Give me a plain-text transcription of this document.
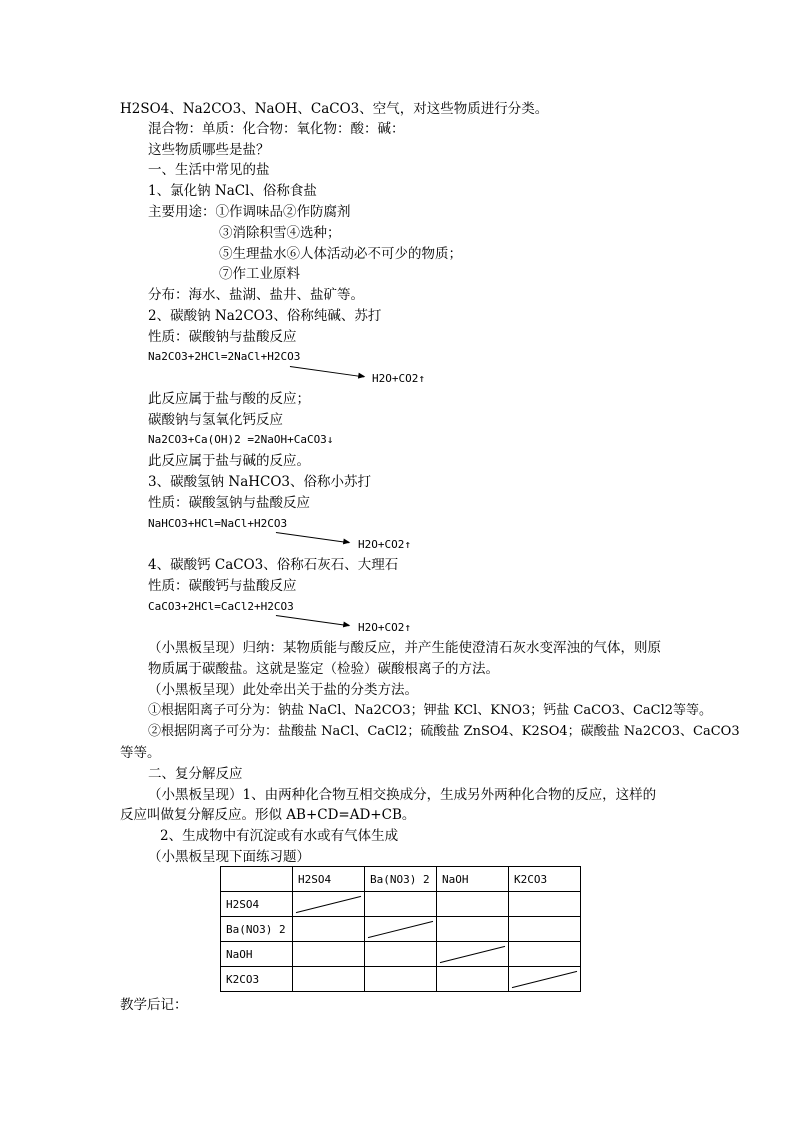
H2SO4、Na2CO3、NaOH、CaCO3、空气，对这些物质进行分类。
混合物：单质：化合物：氧化物：酸：碱：
这些物质哪些是盐？
一、生活中常见的盐
1、氯化钠 NaCl、俗称食盐
主要用途：①作调味品②作防腐剂
③消除积雪④选种；
⑤生理盐水⑥人体活动必不可少的物质；
⑦作工业原料
分布：海水、盐湖、盐井、盐矿等。
2、碳酸钠 Na2CO3、俗称纯碱、苏打
性质：碳酸钠与盐酸反应
Na2CO3+2HCl=2NaCl+H2CO3
H2O+CO2↑
此反应属于盐与酸的反应；
碳酸钠与氢氧化钙反应
Na2CO3+Ca(OH)2 =2NaOH+CaCO3↓
此反应属于盐与碱的反应。
3、碳酸氢钠 NaHCO3、俗称小苏打
性质：碳酸氢钠与盐酸反应
NaHCO3+HCl=NaCl+H2CO3
H2O+CO2↑
4、碳酸钙 CaCO3、俗称石灰石、大理石
性质：碳酸钙与盐酸反应
CaCO3+2HCl=CaCl2+H2CO3
H2O+CO2↑
（小黑板呈现）归纳：某物质能与酸反应，并产生能使澄清石灰水变浑浊的气体，则原
物质属于碳酸盐。这就是鉴定（检验）碳酸根离子的方法。
（小黑板呈现）此处牵出关于盐的分类方法。
①根据阳离子可分为：钠盐 NaCl、Na2CO3；钾盐 KCl、KNO3；钙盐 CaCO3、CaCl2等等。
②根据阴离子可分为：盐酸盐 NaCl、CaCl2；硫酸盐 ZnSO4、K2SO4；碳酸盐 Na2CO3、CaCO3
等等。
二、复分解反应
（小黑板呈现）1、由两种化合物互相交换成分，生成另外两种化合物的反应，这样的
反应叫做复分解反应。形似 AB+CD=AD+CB。
2、生成物中有沉淀或有水或有气体生成
（小黑板呈现下面练习题）
	H2SO4	Ba(NO3) 2	NaOH	K2CO3
H2SO4	

Ba(NO3) 2		

NaOH			

K2CO3				
教学后记：
